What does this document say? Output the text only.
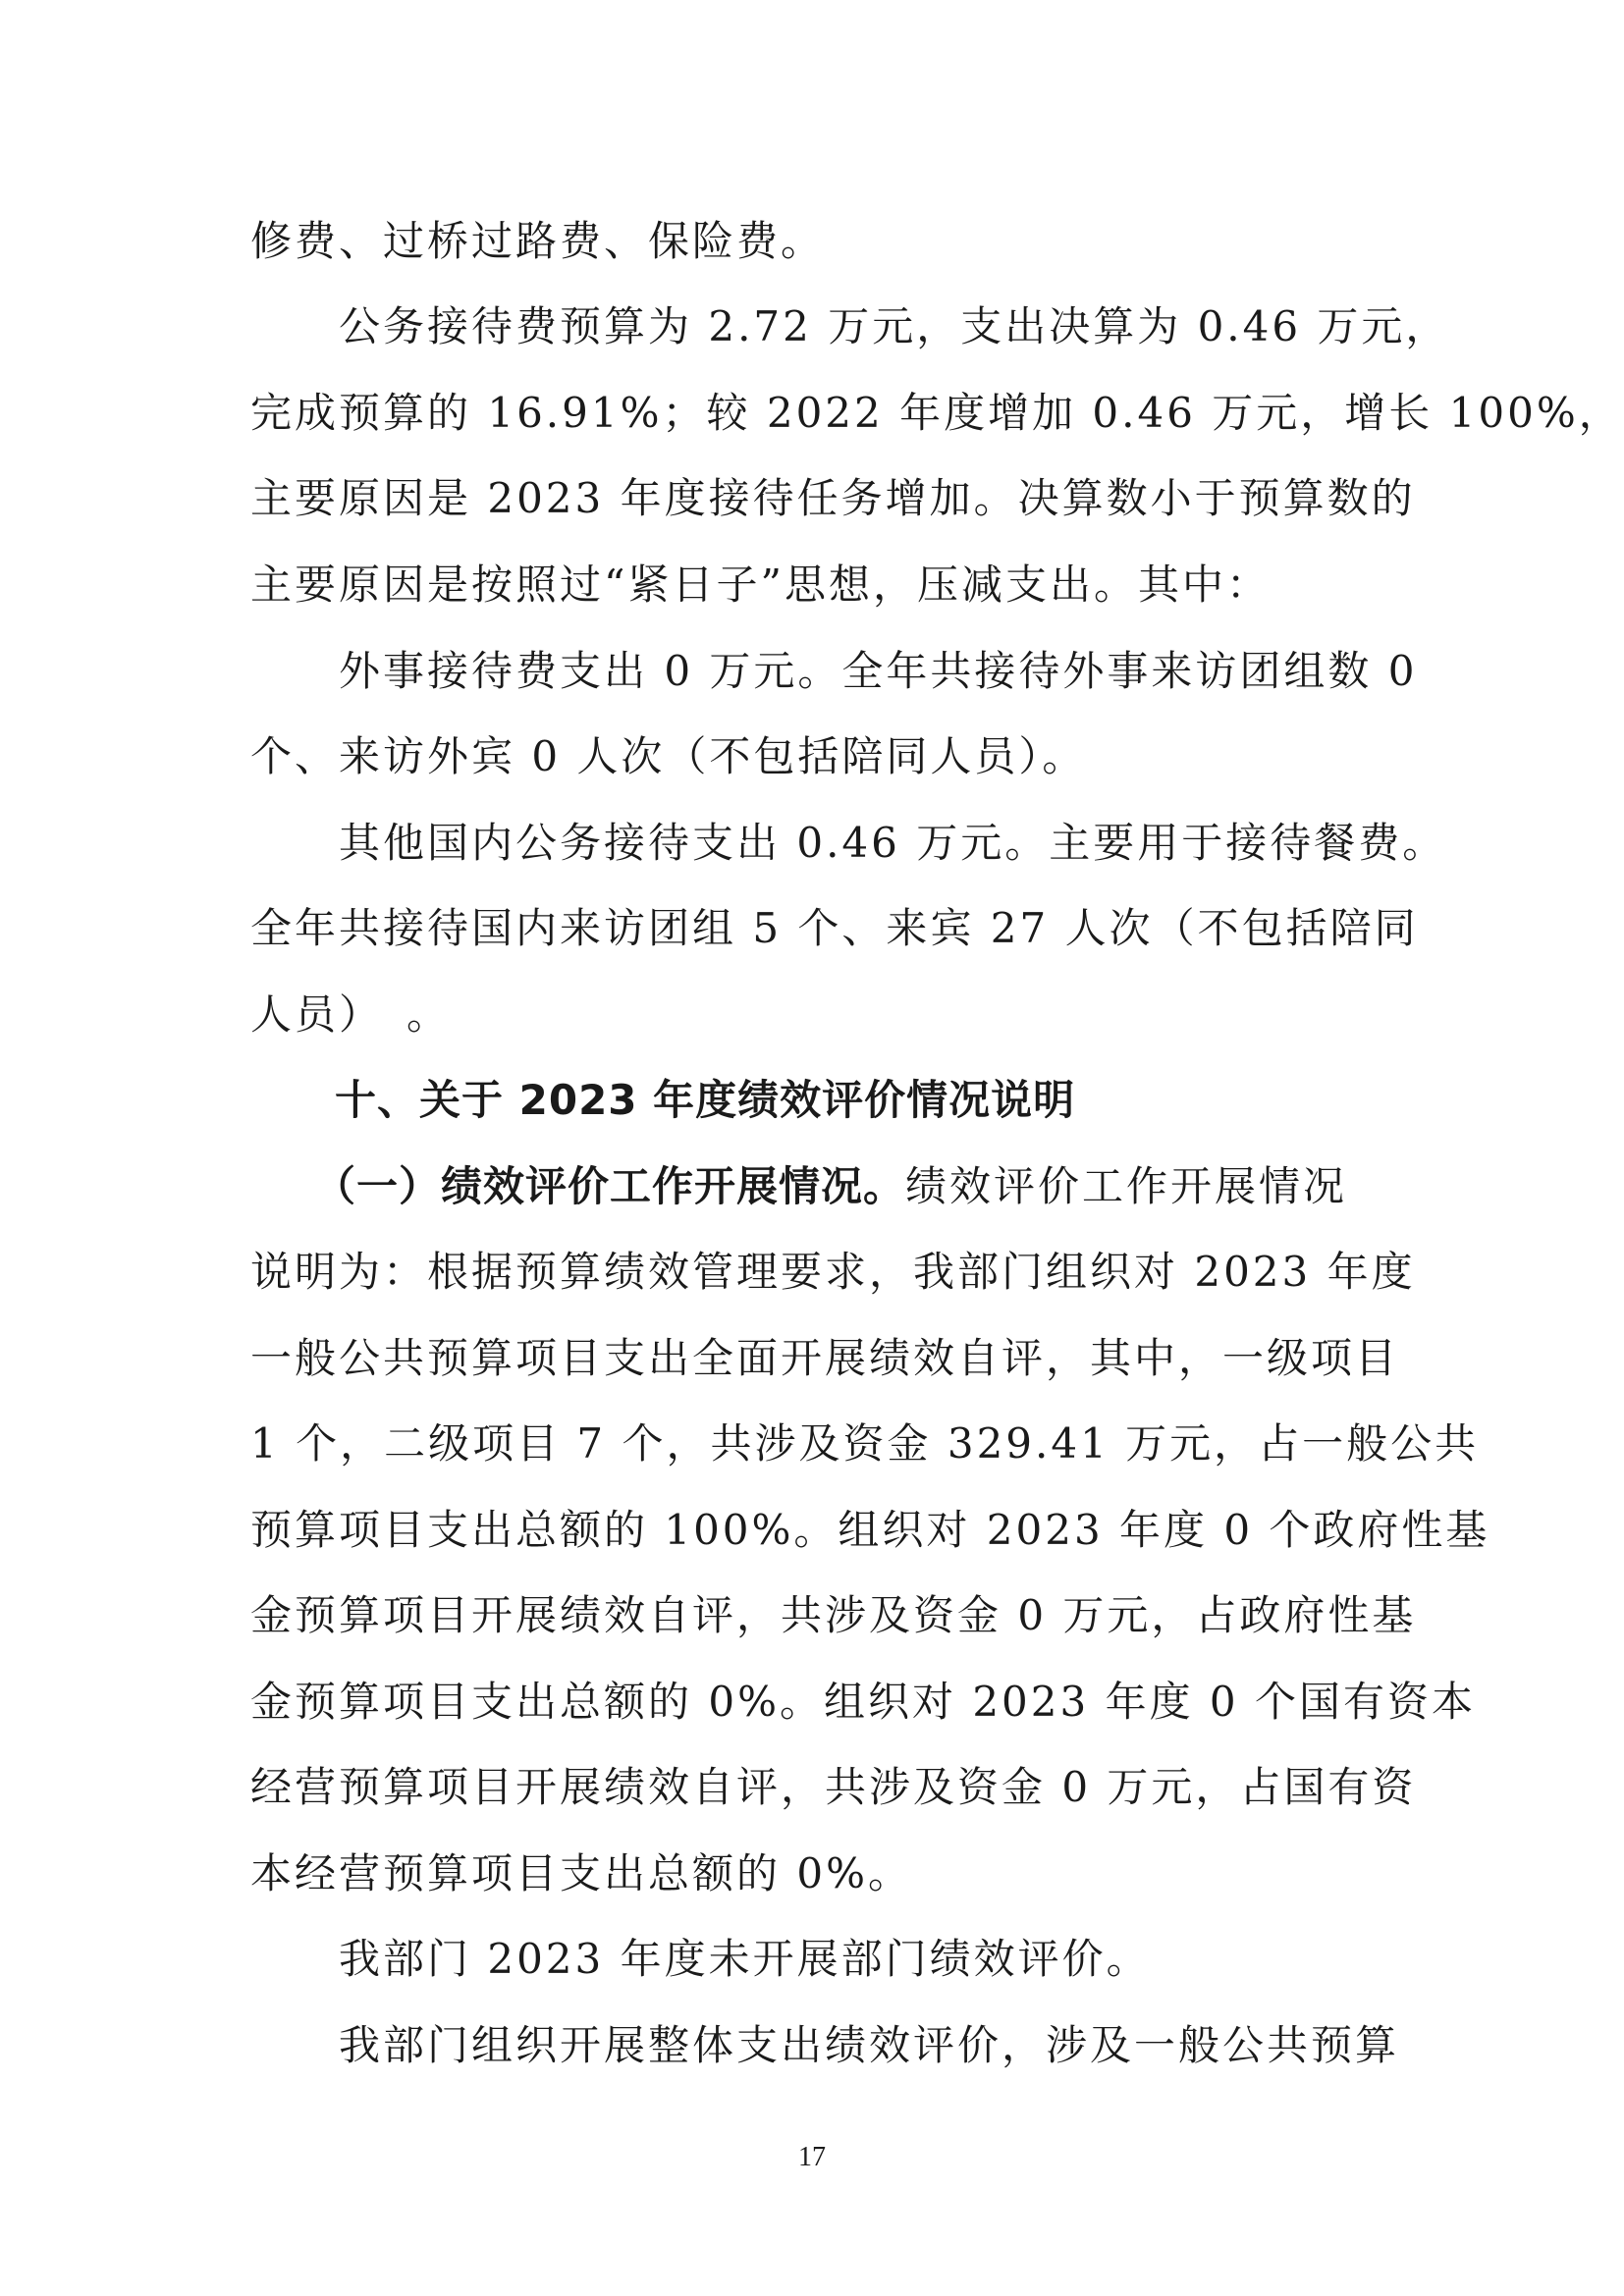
修费、过桥过路费、保险费。
　　公务接待费预算为 2.72 万元，支出决算为 0.46 万元，
完成预算的 16.91%；较 2022 年度增加 0.46 万元，增长 100%，
主要原因是 2023 年度接待任务增加。决算数小于预算数的
主要原因是按照过“紧日子”思想，压减支出。其中：
　　外事接待费支出 0 万元。全年共接待外事来访团组数 0
个、来访外宾 0 人次（不包括陪同人员）。
　　其他国内公务接待支出 0.46 万元。主要用于接待餐费。
全年共接待国内来访团组 5 个、来宾 27 人次（不包括陪同
人员）　。
　　十、关于 2023 年度绩效评价情况说明
　　（一）绩效评价工作开展情况。绩效评价工作开展情况
说明为：根据预算绩效管理要求，我部门组织对 2023 年度
一般公共预算项目支出全面开展绩效自评，其中，一级项目
1 个，二级项目 7 个，共涉及资金 329.41 万元，占一般公共
预算项目支出总额的 100%。组织对 2023 年度 0 个政府性基
金预算项目开展绩效自评，共涉及资金 0 万元，占政府性基
金预算项目支出总额的 0%。组织对 2023 年度 0 个国有资本
经营预算项目开展绩效自评，共涉及资金 0 万元，占国有资
本经营预算项目支出总额的 0%。
　　我部门 2023 年度未开展部门绩效评价。
　　我部门组织开展整体支出绩效评价，涉及一般公共预算
17
